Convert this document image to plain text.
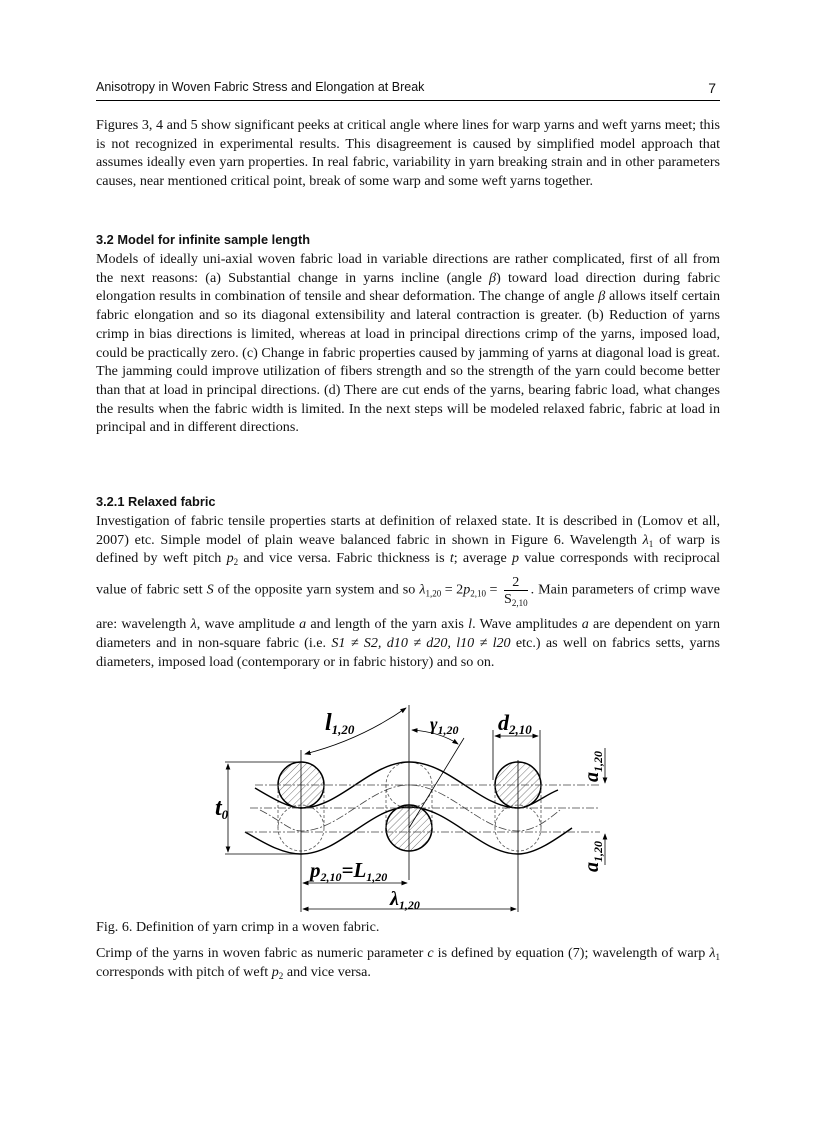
Anisotropy in Woven Fabric Stress and Elongation at Break	7
Figures 3, 4 and 5 show significant peeks at critical angle where lines for warp yarns and weft yarns meet; this is not recognized in experimental results. This disagreement is caused by simplified model approach that assumes ideally even yarn properties. In real fabric, variability in yarn breaking strain and in other parameters causes, near mentioned critical point, break of some warp and some weft yarns together.
3.2 Model for infinite sample length
Models of ideally uni-axial woven fabric load in variable directions are rather complicated, first of all from the next reasons: (a) Substantial change in yarns incline (angle β) toward load direction during fabric elongation results in combination of tensile and shear deformation. The change of angle β allows itself certain fabric elongation and so its diagonal extensibility and lateral contraction is greater. (b) Reduction of yarns crimp in bias directions is limited, whereas at load in principal directions crimp of the yarns, imposed load, could be practically zero. (c) Change in fabric properties caused by jamming of yarns at diagonal load is great. The jamming could improve utilization of fibers strength and so the strength of the yarn could become better than that at load in principal directions. (d) There are cut ends of the yarns, bearing fabric load, what changes the results when the fabric width is limited. In the next steps will be modeled relaxed fabric, fabric at load in principal and in different directions.
3.2.1 Relaxed fabric
Investigation of fabric tensile properties starts at definition of relaxed state. It is described in (Lomov et all, 2007) etc. Simple model of plain weave balanced fabric in shown in Figure 6. Wavelength $\lambda_1$ of warp is defined by weft pitch $p_2$ and vice versa. Fabric thickness is t; average p value corresponds with reciprocal value of fabric sett S of the opposite yarn system and so $\lambda_{1,20} = 2p_{2,10} = \frac{2}{S_{2,10}}$ . Main parameters of crimp wave are: wavelength λ, wave amplitude a and length of the yarn axis l. Wave amplitudes a are dependent on yarn diameters and in non-square fabric (i.e. S1 ≠ S2, d10 ≠ d20, l10 ≠ l20 etc.) as well on fabrics setts, yarns diameters, imposed load (contemporary or in fabric history) and so on.
l1,20	$\gamma_{1,20}$ d2,10
t0
p2,10=L1,20
$\lambda_{1,20}$
$a_{1,20}$
$a_{1,20}$
Fig. 6. Definition of yarn crimp in a woven fabric.
Crimp of the yarns in woven fabric as numeric parameter c is defined by equation (7); wavelength of warp $\lambda_1$ corresponds with pitch of weft $p_2$ and vice versa.
